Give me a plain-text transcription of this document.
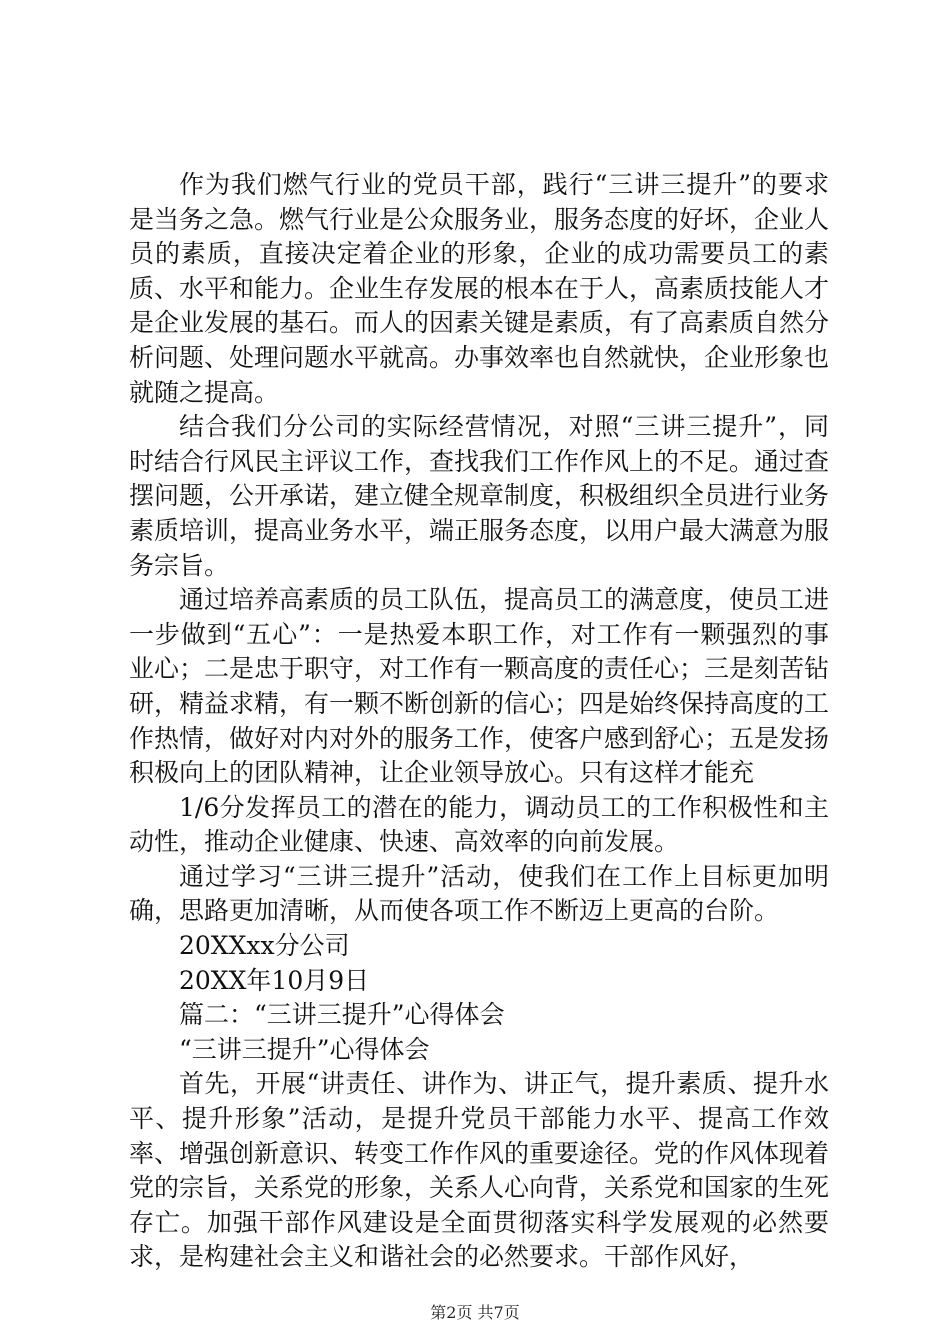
作为我们燃气行业的党员干部，践行“三讲三提升”的要求是当务之急。燃气行业是公众服务业，服务态度的好坏，企业人员的素质，直接决定着企业的形象，企业的成功需要员工的素质、水平和能力。企业生存发展的根本在于人，高素质技能人才是企业发展的基石。而人的因素关键是素质，有了高素质自然分析问题、处理问题水平就高。办事效率也自然就快，企业形象也就随之提高。

结合我们分公司的实际经营情况，对照“三讲三提升”，同时结合行风民主评议工作，查找我们工作作风上的不足。通过查摆问题，公开承诺，建立健全规章制度，积极组织全员进行业务素质培训，提高业务水平，端正服务态度，以用户最大满意为服务宗旨。

通过培养高素质的员工队伍，提高员工的满意度，使员工进一步做到“五心”：一是热爱本职工作，对工作有一颗强烈的事业心；二是忠于职守，对工作有一颗高度的责任心；三是刻苦钻研，精益求精，有一颗不断创新的信心；四是始终保持高度的工作热情，做好对内对外的服务工作，使客户感到舒心；五是发扬积极向上的团队精神，让企业领导放心。只有这样才能充

1/6分发挥员工的潜在的能力，调动员工的工作积极性和主动性，推动企业健康、快速、高效率的向前发展。

通过学习“三讲三提升”活动，使我们在工作上目标更加明确，思路更加清晰，从而使各项工作不断迈上更高的台阶。

20XXxx分公司

20XX年10月9日

篇二：“三讲三提升”心得体会

“三讲三提升”心得体会

首先，开展“讲责任、讲作为、讲正气，提升素质、提升水平、提升形象”活动，是提升党员干部能力水平、提高工作效率、增强创新意识、转变工作作风的重要途径。党的作风体现着党的宗旨，关系党的形象，关系人心向背，关系党和国家的生死存亡。加强干部作风建设是全面贯彻落实科学发展观的必然要求，是构建社会主义和谐社会的必然要求。干部作风好，

第2页 共7页
